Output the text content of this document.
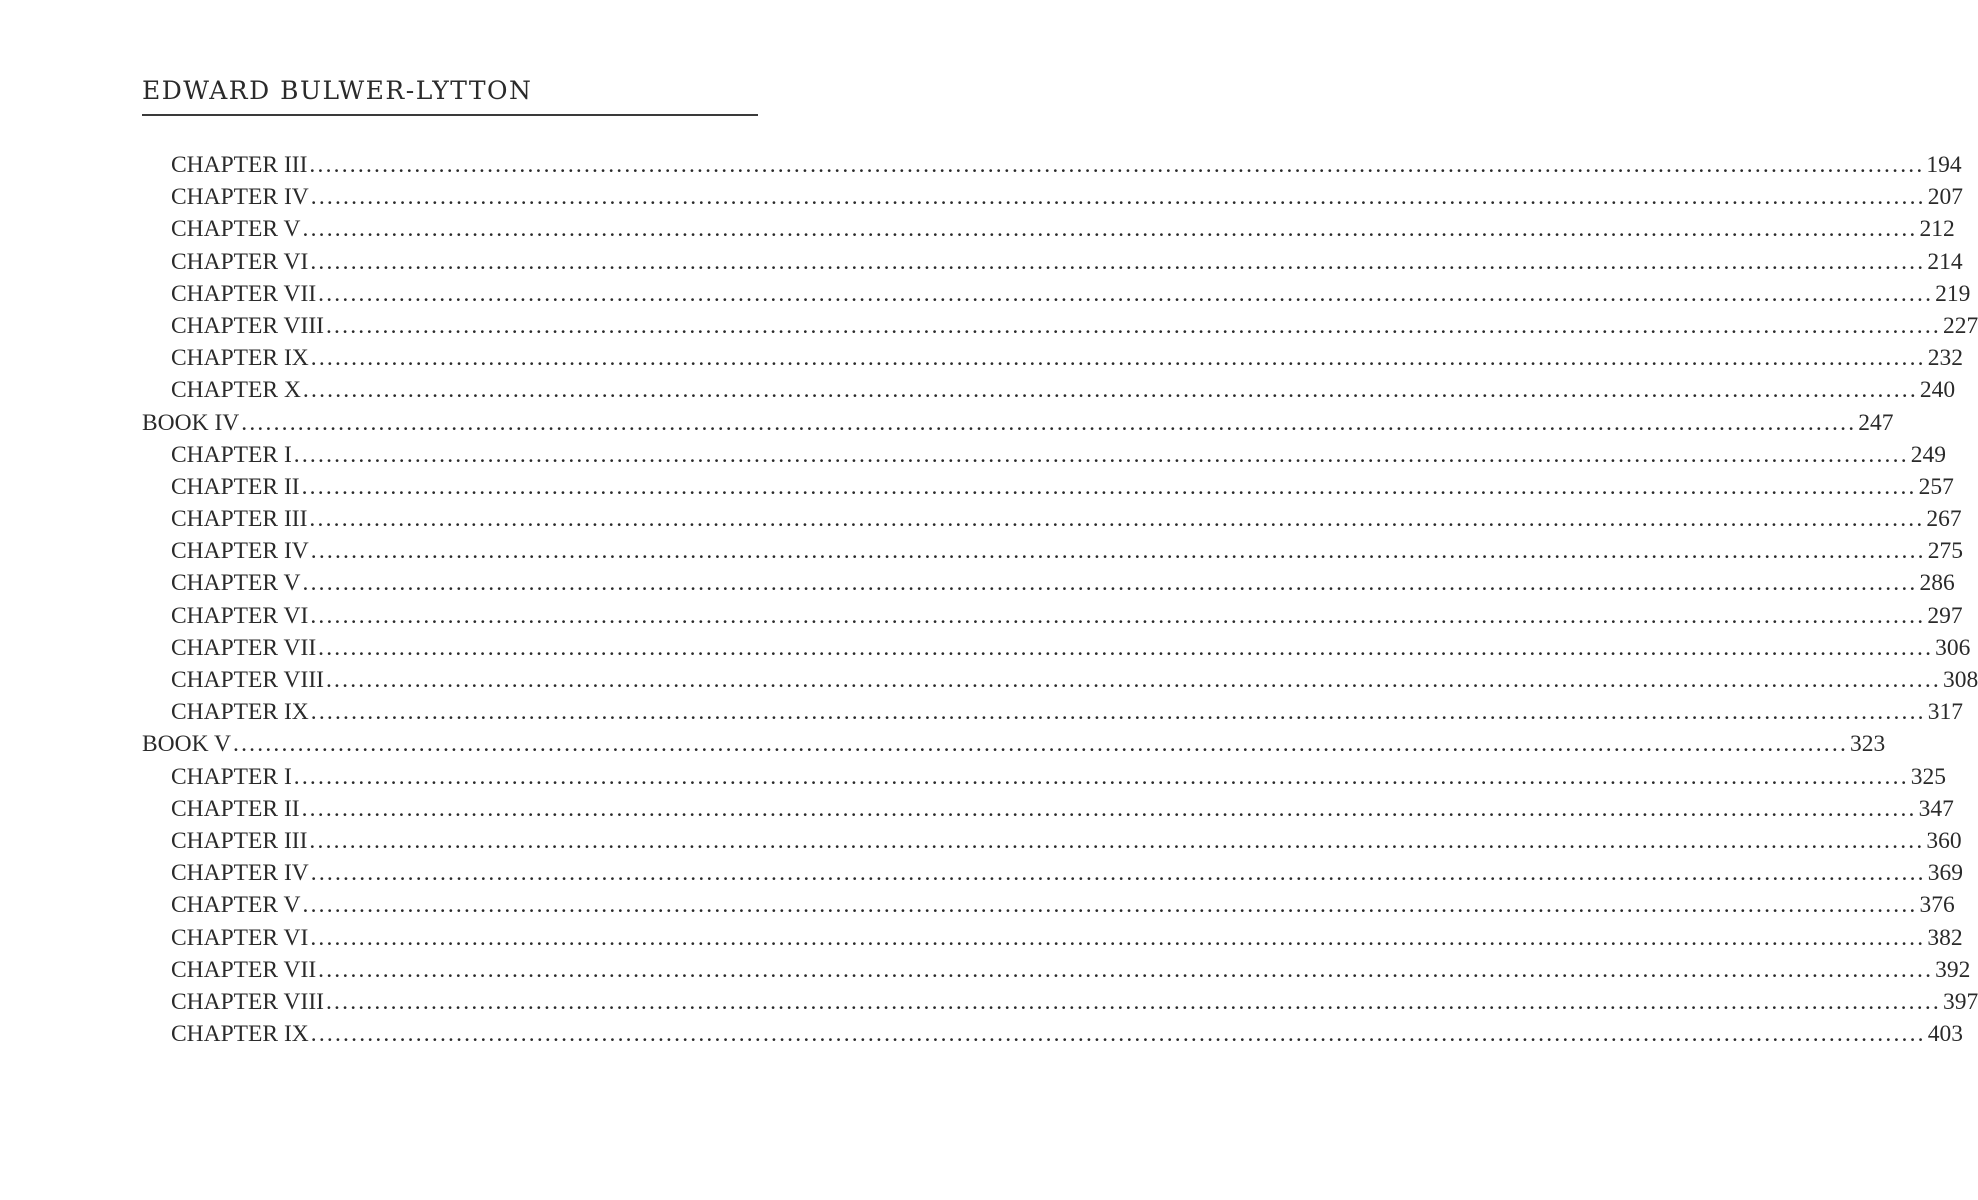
EDWARD BULWER-LYTTON
CHAPTER III ........................................................................................................................................................................................................ 194
CHAPTER IV ........................................................................................................................................................................................................ 207
CHAPTER V ........................................................................................................................................................................................................ 212
CHAPTER VI ........................................................................................................................................................................................................ 214
CHAPTER VII ........................................................................................................................................................................................................ 219
CHAPTER VIII ........................................................................................................................................................................................................ 227
CHAPTER IX ........................................................................................................................................................................................................ 232
CHAPTER X ........................................................................................................................................................................................................ 240
BOOK IV ........................................................................................................................................................................................................ 247
CHAPTER I ........................................................................................................................................................................................................ 249
CHAPTER II ........................................................................................................................................................................................................ 257
CHAPTER III ........................................................................................................................................................................................................ 267
CHAPTER IV ........................................................................................................................................................................................................ 275
CHAPTER V ........................................................................................................................................................................................................ 286
CHAPTER VI ........................................................................................................................................................................................................ 297
CHAPTER VII ........................................................................................................................................................................................................ 306
CHAPTER VIII ........................................................................................................................................................................................................ 308
CHAPTER IX ........................................................................................................................................................................................................ 317
BOOK V ........................................................................................................................................................................................................ 323
CHAPTER I ........................................................................................................................................................................................................ 325
CHAPTER II ........................................................................................................................................................................................................ 347
CHAPTER III ........................................................................................................................................................................................................ 360
CHAPTER IV ........................................................................................................................................................................................................ 369
CHAPTER V ........................................................................................................................................................................................................ 376
CHAPTER VI ........................................................................................................................................................................................................ 382
CHAPTER VII ........................................................................................................................................................................................................ 392
CHAPTER VIII ........................................................................................................................................................................................................ 397
CHAPTER IX ........................................................................................................................................................................................................ 403
